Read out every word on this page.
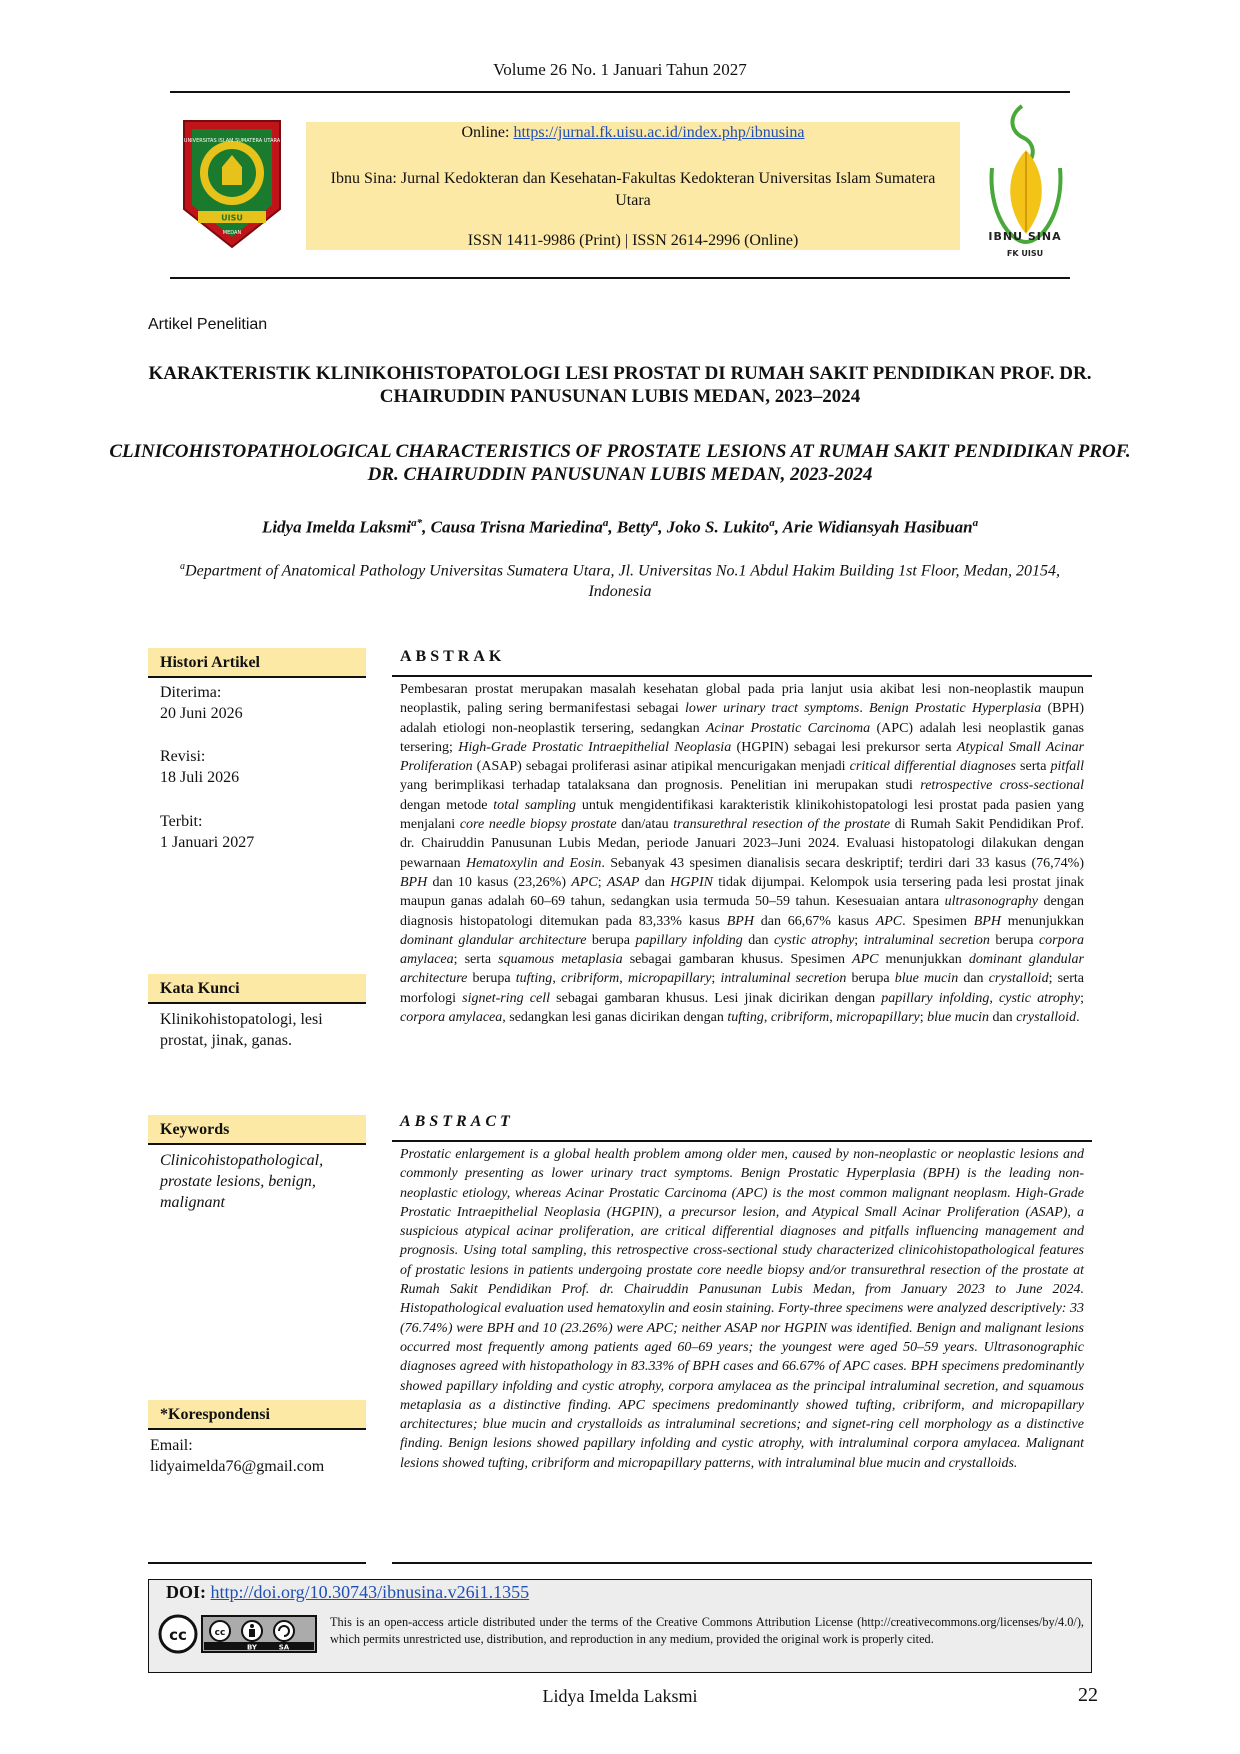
Volume 26 No. 1 Januari Tahun 2027
UNIVERSITAS ISLAM SUMATERA UTARA
UISU
MEDAN
Online: https://jurnal.fk.uisu.ac.id/index.php/ibnusina
Ibnu Sina: Jurnal Kedokteran dan Kesehatan-Fakultas Kedokteran Universitas Islam Sumatera Utara
ISSN 1411-9986 (Print) | ISSN 2614-2996 (Online)	IBNU SINA
FK UISU
Artikel Penelitian
KARAKTERISTIK KLINIKOHISTOPATOLOGI LESI PROSTAT DI RUMAH SAKIT PENDIDIKAN PROF. DR. CHAIRUDDIN PANUSUNAN LUBIS MEDAN, 2023–2024
CLINICOHISTOPATHOLOGICAL CHARACTERISTICS OF PROSTATE LESIONS AT RUMAH SAKIT PENDIDIKAN PROF. DR. CHAIRUDDIN PANUSUNAN LUBIS MEDAN, 2023-2024
Lidya Imelda Laksmi$^{a*}$, Causa Trisna Mariedina$^a$, Betty$^a$, Joko S. Lukito$^a$, Arie Widiansyah Hasibuan$^a$
$^a$Department of Anatomical Pathology Universitas Sumatera Utara, Jl. Universitas No.1 Abdul Hakim Building 1st Floor, Medan, 20154, Indonesia
Histori Artikel
Diterima:
20 Juni 2026
Revisi:
18 Juli 2026
Terbit:
1 Januari 2027
Kata Kunci
Klinikohistopatologi, lesi prostat, jinak, ganas.
Keywords
Clinicohistopathological, prostate lesions, benign, malignant
*Korespondensi
Email:
lidyaimelda76@gmail.com
ABSTRAK
Pembesaran prostat merupakan masalah kesehatan global pada pria lanjut usia akibat lesi non-neoplastik maupun neoplastik, paling sering bermanifestasi sebagai lower urinary tract symptoms. Benign Prostatic Hyperplasia (BPH) adalah etiologi non-neoplastik tersering, sedangkan Acinar Prostatic Carcinoma (APC) adalah lesi neoplastik ganas tersering; High-Grade Prostatic Intraepithelial Neoplasia (HGPIN) sebagai lesi prekursor serta Atypical Small Acinar Proliferation (ASAP) sebagai proliferasi asinar atipikal mencurigakan menjadi critical differential diagnoses serta pitfall yang berimplikasi terhadap tatalaksana dan prognosis. Penelitian ini merupakan studi retrospective cross-sectional dengan metode total sampling untuk mengidentifikasi karakteristik klinikohistopatologi lesi prostat pada pasien yang menjalani core needle biopsy prostate dan/atau transurethral resection of the prostate di Rumah Sakit Pendidikan Prof. dr. Chairuddin Panusunan Lubis Medan, periode Januari 2023–Juni 2024. Evaluasi histopatologi dilakukan dengan pewarnaan Hematoxylin and Eosin. Sebanyak 43 spesimen dianalisis secara deskriptif; terdiri dari 33 kasus (76,74%) BPH dan 10 kasus (23,26%) APC; ASAP dan HGPIN tidak dijumpai. Kelompok usia tersering pada lesi prostat jinak maupun ganas adalah 60–69 tahun, sedangkan usia termuda 50–59 tahun. Kesesuaian antara ultrasonography dengan diagnosis histopatologi ditemukan pada 83,33% kasus BPH dan 66,67% kasus APC. Spesimen BPH menunjukkan dominant glandular architecture berupa papillary infolding dan cystic atrophy; intraluminal secretion berupa corpora amylacea; serta squamous metaplasia sebagai gambaran khusus. Spesimen APC menunjukkan dominant glandular architecture berupa tufting, cribriform, micropapillary; intraluminal secretion berupa blue mucin dan crystalloid; serta morfologi signet-ring cell sebagai gambaran khusus. Lesi jinak dicirikan dengan papillary infolding, cystic atrophy; corpora amylacea, sedangkan lesi ganas dicirikan dengan tufting, cribriform, micropapillary; blue mucin dan crystalloid.
ABSTRACT
Prostatic enlargement is a global health problem among older men, caused by non-neoplastic or neoplastic lesions and commonly presenting as lower urinary tract symptoms. Benign Prostatic Hyperplasia (BPH) is the leading non-neoplastic etiology, whereas Acinar Prostatic Carcinoma (APC) is the most common malignant neoplasm. High-Grade Prostatic Intraepithelial Neoplasia (HGPIN), a precursor lesion, and Atypical Small Acinar Proliferation (ASAP), a suspicious atypical acinar proliferation, are critical differential diagnoses and pitfalls influencing management and prognosis. Using total sampling, this retrospective cross-sectional study characterized clinicohistopathological features of prostatic lesions in patients undergoing prostate core needle biopsy and/or transurethral resection of the prostate at Rumah Sakit Pendidikan Prof. dr. Chairuddin Panusunan Lubis Medan, from January 2023 to June 2024. Histopathological evaluation used hematoxylin and eosin staining. Forty-three specimens were analyzed descriptively: 33 (76.74%) were BPH and 10 (23.26%) were APC; neither ASAP nor HGPIN was identified. Benign and malignant lesions occurred most frequently among patients aged 60–69 years; the youngest were aged 50–59 years. Ultrasonographic diagnoses agreed with histopathology in 83.33% of BPH cases and 66.67% of APC cases. BPH specimens predominantly showed papillary infolding and cystic atrophy, corpora amylacea as the principal intraluminal secretion, and squamous metaplasia as a distinctive finding. APC specimens predominantly showed tufting, cribriform, and micropapillary architectures; blue mucin and crystalloids as intraluminal secretions; and signet-ring cell morphology as a distinctive finding. Benign lesions showed papillary infolding and cystic atrophy, with intraluminal corpora amylacea. Malignant lesions showed tufting, cribriform and micropapillary patterns, with intraluminal blue mucin and crystalloids.
DOI: http://doi.org/10.30743/ibnusina.v26i1.1355
cc	cc
BY	SA
This is an open-access article distributed under the terms of the Creative Commons Attribution License (http://creativecommons.org/licenses/by/4.0/), which permits unrestricted use, distribution, and reproduction in any medium, provided the original work is properly cited.
Lidya Imelda Laksmi	22
